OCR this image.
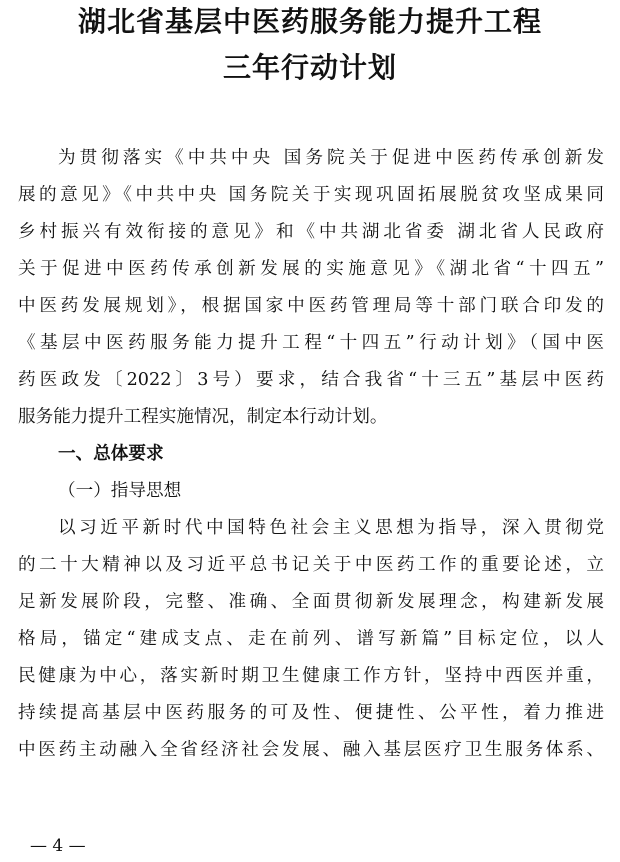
湖北省基层中医药服务能力提升工程
三年行动计划
为贯彻落实《中共中央 国务院关于促进中医药传承创新发
展的意见》《中共中央 国务院关于实现巩固拓展脱贫攻坚成果同
乡村振兴有效衔接的意见》和《中共湖北省委 湖北省人民政府
关于促进中医药传承创新发展的实施意见》《湖北省“十四五”
中医药发展规划》，根据国家中医药管理局等十部门联合印发的
《基层中医药服务能力提升工程“十四五”行动计划》（国中医
药医政发〔2022〕3号）要求，结合我省“十三五”基层中医药
服务能力提升工程实施情况，制定本行动计划。
一、总体要求
（一）指导思想
以习近平新时代中国特色社会主义思想为指导，深入贯彻党
的二十大精神以及习近平总书记关于中医药工作的重要论述，立
足新发展阶段，完整、准确、全面贯彻新发展理念，构建新发展
格局，锚定“建成支点、走在前列、谱写新篇”目标定位，以人
民健康为中心，落实新时期卫生健康工作方针，坚持中西医并重，
持续提高基层中医药服务的可及性、便捷性、公平性，着力推进
中医药主动融入全省经济社会发展、融入基层医疗卫生服务体系、
— 4 —
